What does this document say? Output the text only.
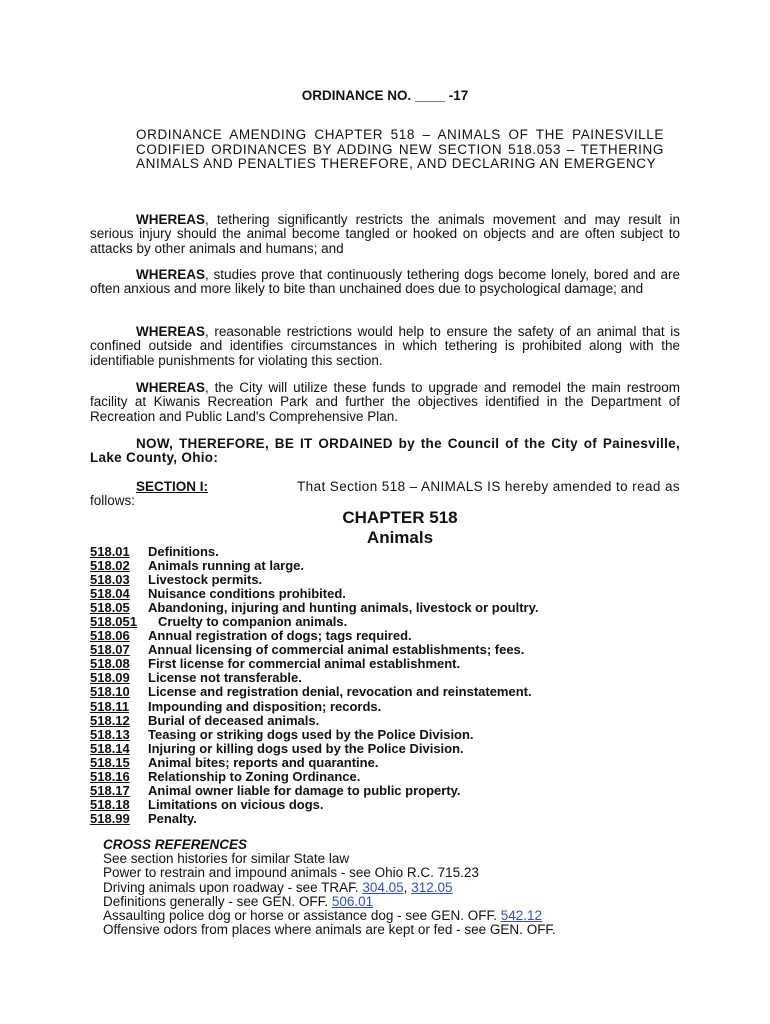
ORDINANCE NO. ____ -17
ORDINANCE AMENDING CHAPTER 518 – ANIMALS OF THE PAINESVILLE CODIFIED ORDINANCES BY ADDING NEW SECTION 518.053 – TETHERING ANIMALS AND PENALTIES THEREFORE, AND DECLARING AN EMERGENCY
WHEREAS, tethering significantly restricts the animals movement and may result in serious injury should the animal become tangled or hooked on objects and are often subject to attacks by other animals and humans; and
WHEREAS, studies prove that continuously tethering dogs become lonely, bored and are often anxious and more likely to bite than unchained does due to psychological damage; and
WHEREAS, reasonable restrictions would help to ensure the safety of an animal that is confined outside and identifies circumstances in which tethering is prohibited along with the identifiable punishments for violating this section.
WHEREAS, the City will utilize these funds to upgrade and remodel the main restroom facility at Kiwanis Recreation Park and further the objectives identified in the Department of Recreation and Public Land's Comprehensive Plan.
NOW, THEREFORE, BE IT ORDAINED by the Council of the City of Painesville, Lake County, Ohio:
SECTION I:	That Section 518 – ANIMALS IS hereby amended to read as
follows:
CHAPTER 518
Animals
518.01 Definitions.
518.02 Animals running at large.
518.03 Livestock permits.
518.04 Nuisance conditions prohibited.
518.05 Abandoning, injuring and hunting animals, livestock or poultry.
518.051 Cruelty to companion animals.
518.06 Annual registration of dogs; tags required.
518.07 Annual licensing of commercial animal establishments; fees.
518.08 First license for commercial animal establishment.
518.09 License not transferable.
518.10 License and registration denial, revocation and reinstatement.
518.11 Impounding and disposition; records.
518.12 Burial of deceased animals.
518.13 Teasing or striking dogs used by the Police Division.
518.14 Injuring or killing dogs used by the Police Division.
518.15 Animal bites; reports and quarantine.
518.16 Relationship to Zoning Ordinance.
518.17 Animal owner liable for damage to public property.
518.18 Limitations on vicious dogs.
518.99 Penalty.
CROSS REFERENCES
See section histories for similar State law
Power to restrain and impound animals - see Ohio R.C. 715.23
Driving animals upon roadway - see TRAF. 304.05, 312.05
Definitions generally - see GEN. OFF. 506.01
Assaulting police dog or horse or assistance dog - see GEN. OFF. 542.12
Offensive odors from places where animals are kept or fed - see GEN. OFF.
